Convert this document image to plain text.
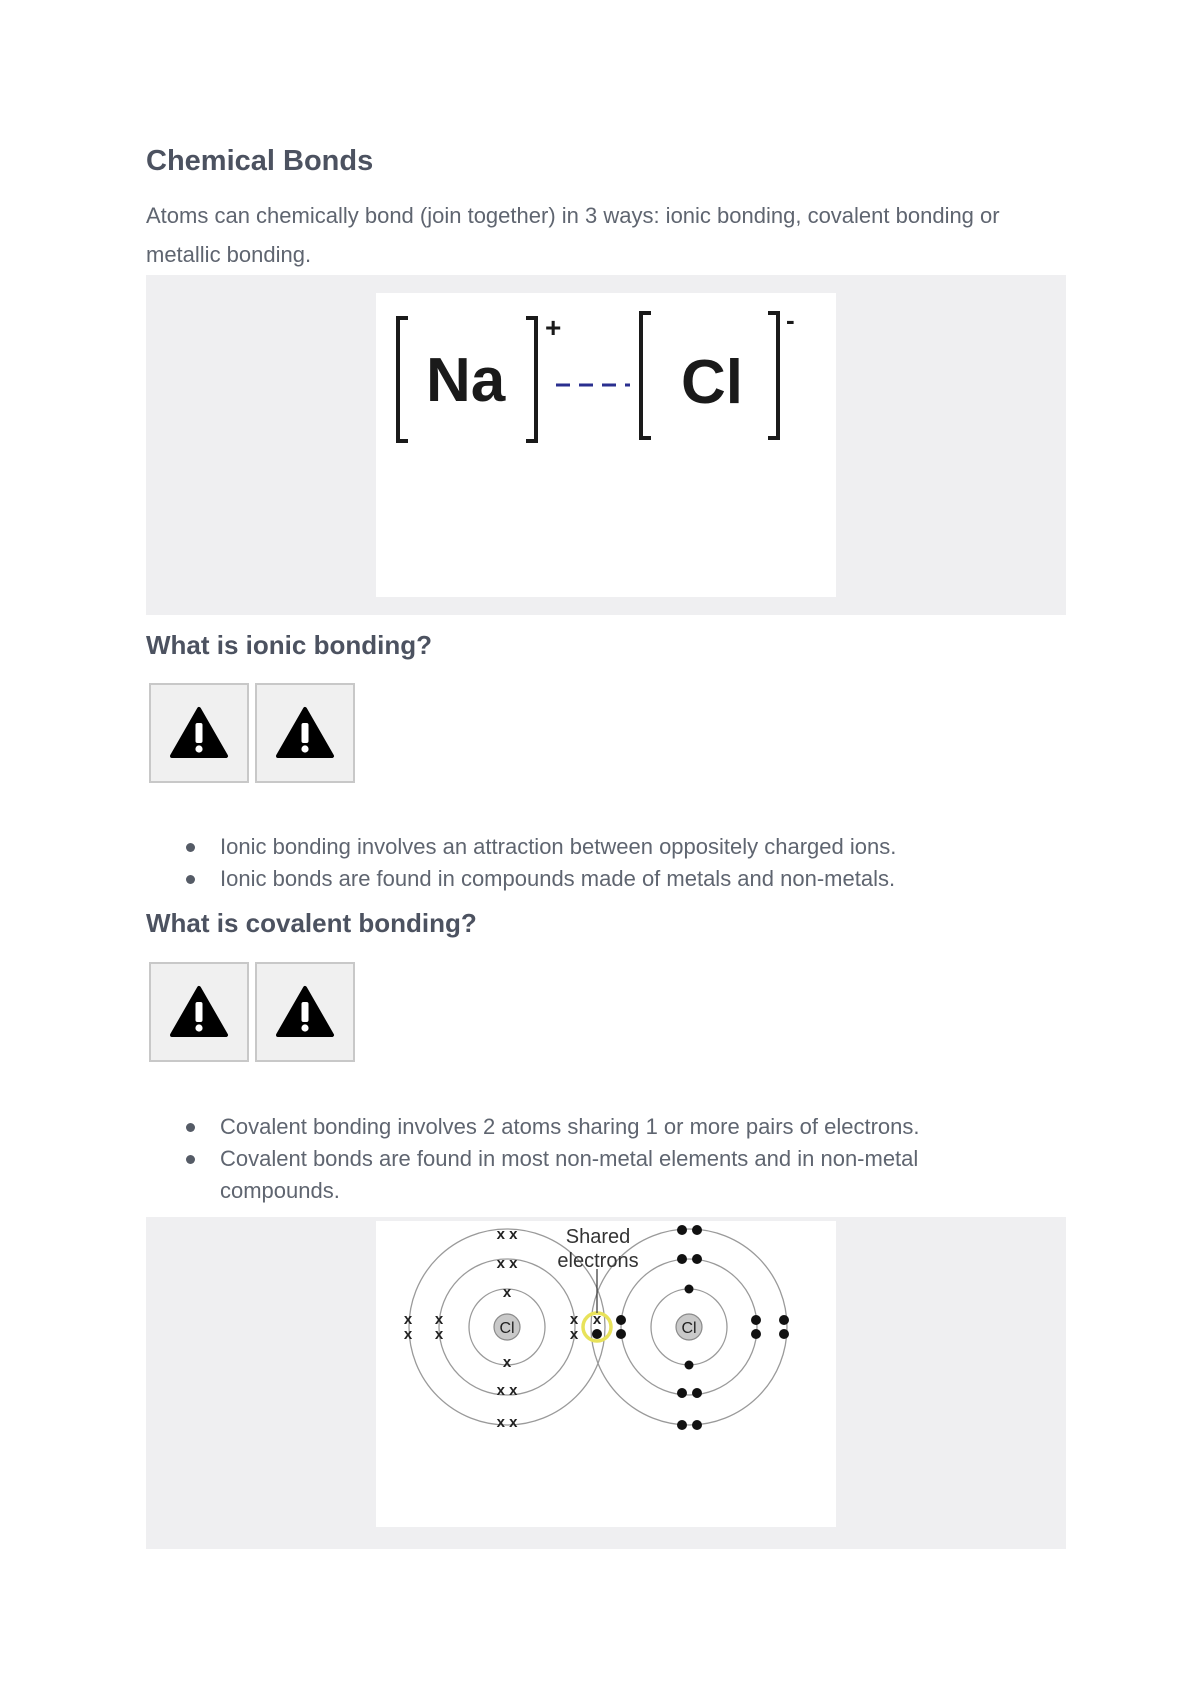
Chemical Bonds

Atoms can chemically bond (join together) in 3 ways: ionic bonding, covalent bonding or metallic bonding.

Na
+
Cl
-
What is ionic bonding?
Ionic bonding involves an attraction between oppositely charged ions.
Ionic bonds are found in compounds made of metals and non-metals.
What is covalent bonding?
Covalent bonding involves 2 atoms sharing 1 or more pairs of electrons.
Covalent bonds are found in most non-metal elements and in non-metal compounds.
Cl	Cl
x x
x x
x
x
x x
x x
x
x
x
x
x
x
x
Shared
electrons
